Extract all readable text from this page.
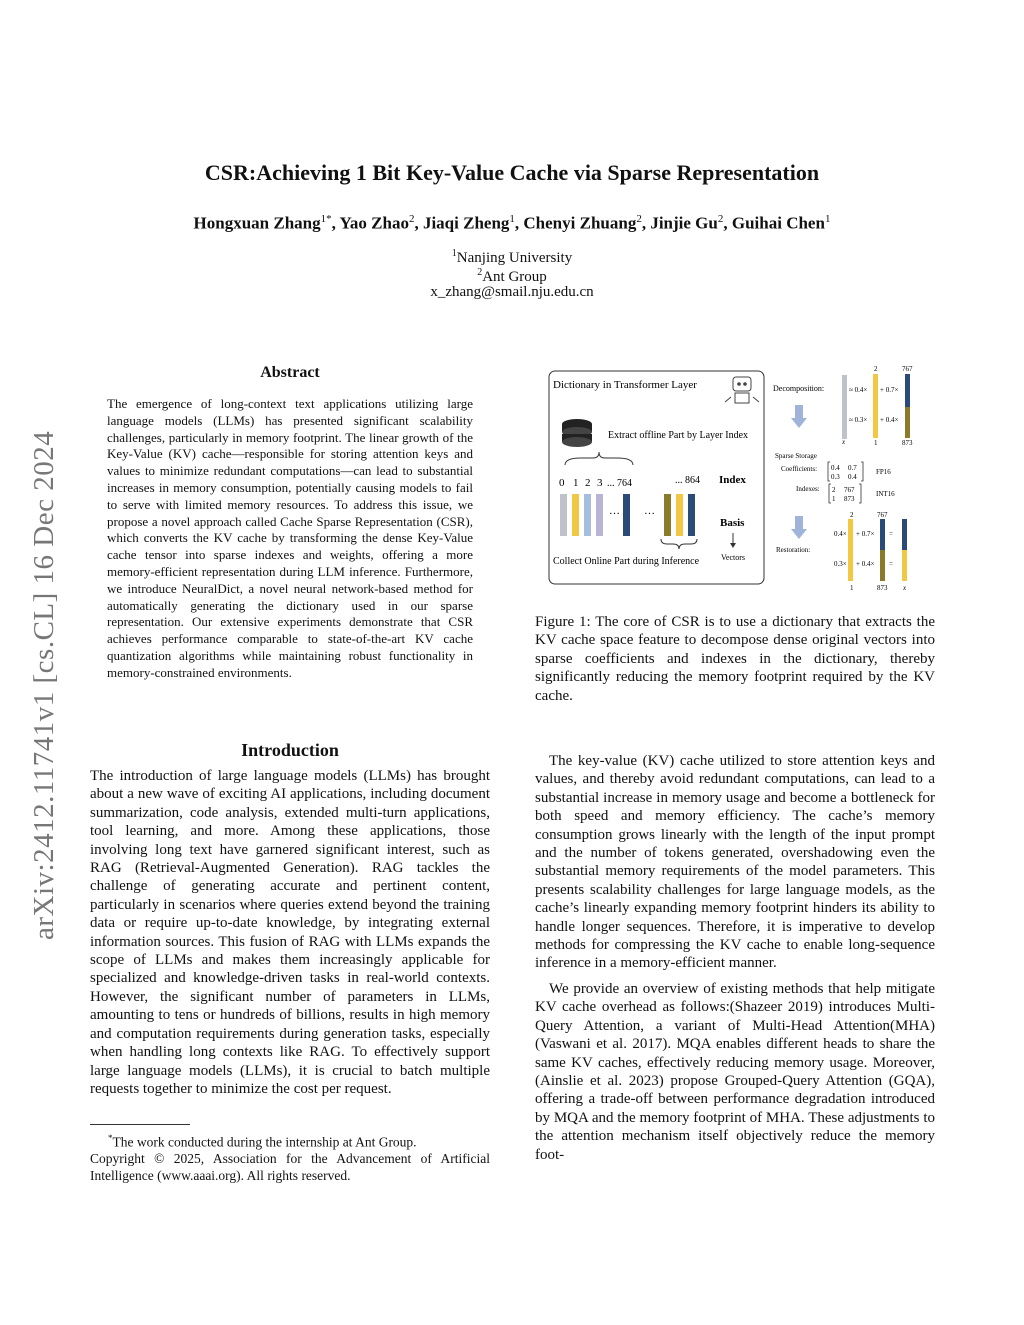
arXiv:2412.11741v1 [cs.CL] 16 Dec 2024
CSR:Achieving 1 Bit Key-Value Cache via Sparse Representation
Hongxuan Zhang$^{1*}$, Yao Zhao$^2$, Jiaqi Zheng$^1$, Chenyi Zhuang$^2$, Jinjie Gu$^2$, Guihai Chen$^1$
$^1$Nanjing University
$^2$Ant Group
x_zhang@smail.nju.edu.cn
Abstract
The emergence of long-context text applications utilizing large language models (LLMs) has presented significant scalability challenges, particularly in memory footprint. The linear growth of the Key-Value (KV) cache—responsible for storing attention keys and values to minimize redundant computations—can lead to substantial increases in memory consumption, potentially causing models to fail to serve with limited memory resources. To address this issue, we propose a novel approach called Cache Sparse Representation (CSR), which converts the KV cache by transforming the dense Key-Value cache tensor into sparse indexes and weights, offering a more memory-efficient representation during LLM inference. Furthermore, we introduce NeuralDict, a novel neural network-based method for automatically generating the dictionary used in our sparse representation. Our extensive experiments demonstrate that CSR achieves performance comparable to state-of-the-art KV cache quantization algorithms while maintaining robust functionality in memory-constrained environments.
Introduction

The introduction of large language models (LLMs) has brought about a new wave of exciting AI applications, including document summarization, code analysis, extended multi-turn applications, tool learning, and more. Among these applications, those involving long text have garnered significant interest, such as RAG (Retrieval-Augmented Generation). RAG tackles the challenge of generating accurate and pertinent content, particularly in scenarios where queries extend beyond the training data or require up-to-date knowledge, by integrating external information sources. This fusion of RAG with LLMs expands the scope of LLMs and makes them increasingly applicable for specialized and knowledge-driven tasks in real-world contexts. However, the significant number of parameters in LLMs, amounting to tens or hundreds of billions, results in high memory and computation requirements during generation tasks, especially when handling long contexts like RAG. To effectively support large language models (LLMs), it is crucial to batch multiple requests together to minimize the cost per request.

*The work conducted during the internship at Ant Group.
Copyright © 2025, Association for the Advancement of Artificial Intelligence (www.aaai.org). All rights reserved.
Dictionary in Transformer Layer
Extract offline Part by Layer Index
0 1 2 3 ... 764	... 864 Index
Basis
… …
Collect Online Part during Inference	Vectors
Decomposition:
x
2	767
≈ 0.4× + 0.7×
≈ 0.3× + 0.4×
1	873
Sparse Storage
Coefficients: 0.4 0.7
0.3 0.4
FP16
Indexes: 2 767
1 873
INT16
Restoration:
2	767
0.4× + 0.7× =
0.3× + 0.4× =
1	873 x
Figure 1: The core of CSR is to use a dictionary that extracts the KV cache space feature to decompose dense original vectors into sparse coefficients and indexes in the dictionary, thereby significantly reducing the memory footprint required by the KV cache.

The key-value (KV) cache utilized to store attention keys and values, and thereby avoid redundant computations, can lead to a substantial increase in memory usage and become a bottleneck for both speed and memory efficiency. The cache’s memory consumption grows linearly with the length of the input prompt and the number of tokens generated, overshadowing even the substantial memory requirements of the model parameters. This presents scalability challenges for large language models, as the cache’s linearly expanding memory footprint hinders its ability to handle longer sequences. Therefore, it is imperative to develop methods for compressing the KV cache to enable long-sequence inference in a memory-efficient manner.

We provide an overview of existing methods that help mitigate KV cache overhead as follows:(Shazeer 2019) introduces Multi-Query Attention, a variant of Multi-Head Attention(MHA)(Vaswani et al. 2017). MQA enables different heads to share the same KV caches, effectively reducing memory usage. Moreover, (Ainslie et al. 2023) propose Grouped-Query Attention (GQA), offering a trade-off between performance degradation introduced by MQA and the memory footprint of MHA. These adjustments to the attention mechanism itself objectively reduce the memory foot-
